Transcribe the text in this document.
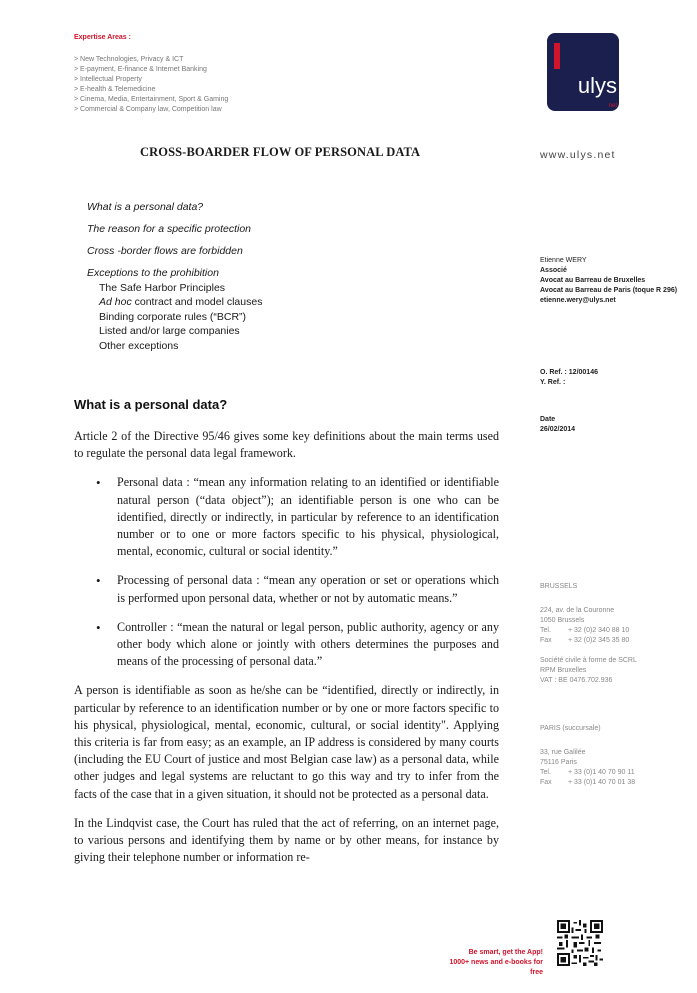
Expertise Areas :
> New Technologies, Privacy & ICT
> E-payment, E-finance & Internet Banking
> Intellectual Property
> E-health & Telemedicine
> Cinema, Media, Entertainment, Sport & Gaming
> Commercial & Company law, Competition law
ulys
net
CROSS-BOARDER FLOW OF PERSONAL DATA	www.ulys.net
What is a personal data?
The reason for a specific protection
Cross -border flows are forbidden
Exceptions to the prohibition
The Safe Harbor Principles
Ad hoc contract and model clauses
Binding corporate rules (“BCR”)
Listed and/or large companies
Other exceptions
Etienne WERY
Associé
Avocat au Barreau de Bruxelles
Avocat au Barreau de Paris (toque R 296)
etienne.wery@ulys.net
O. Ref. : 12/00146
Y. Ref. :
Date
26/02/2014
BRUSSELS
224, av. de la Couronne
1050 Brussels
Tel.	+ 32 (0)2 340 88 10
Fax	+ 32 (0)2 345 35 80
Société civile à forme de SCRL
RPM Bruxelles
VAT : BE 0476.702.936
PARIS (succursale)
33, rue Galilée
75116 Paris
Tel.	+ 33 (0)1 40 70 90 11
Fax	+ 33 (0)1 40 70 01 38
What is a personal data?

Article 2 of the Directive 95/46 gives some key definitions about the main terms used to regulate the personal data legal framework.

• Personal data : “mean any information relating to an identified or identifiable natural person (“data object”); an identifiable person is one who can be identified, directly or indirectly, in particular by reference to an identification number or to one or more factors specific to his physical, physiological, mental, economic, cultural or social identity.”
• Processing of personal data : “mean any operation or set or operations which is performed upon personal data, whether or not by automatic means.”
• Controller : “mean the natural or legal person, public authority, agency or any other body which alone or jointly with others determines the purposes and means of the processing of personal data.”

A person is identifiable as soon as he/she can be “identified, directly or indirectly, in particular by reference to an identification number or by one or more factors specific to his physical, physiological, mental, economic, cultural, or social identity". Applying this criteria is far from easy; as an example, an IP address is considered by many courts (including the EU Court of justice and most Belgian case law) as a personal data, while other judges and legal systems are reluctant to go this way and try to infer from the facts of the case that in a given situation, it should not be protected as a personal data.

In the Lindqvist case, the Court has ruled that the act of referring, on an internet page, to various persons and identifying them by name or by other means, for instance by giving their telephone number or information re-

Be smart, get the App!
1000+ news and e-books for free
